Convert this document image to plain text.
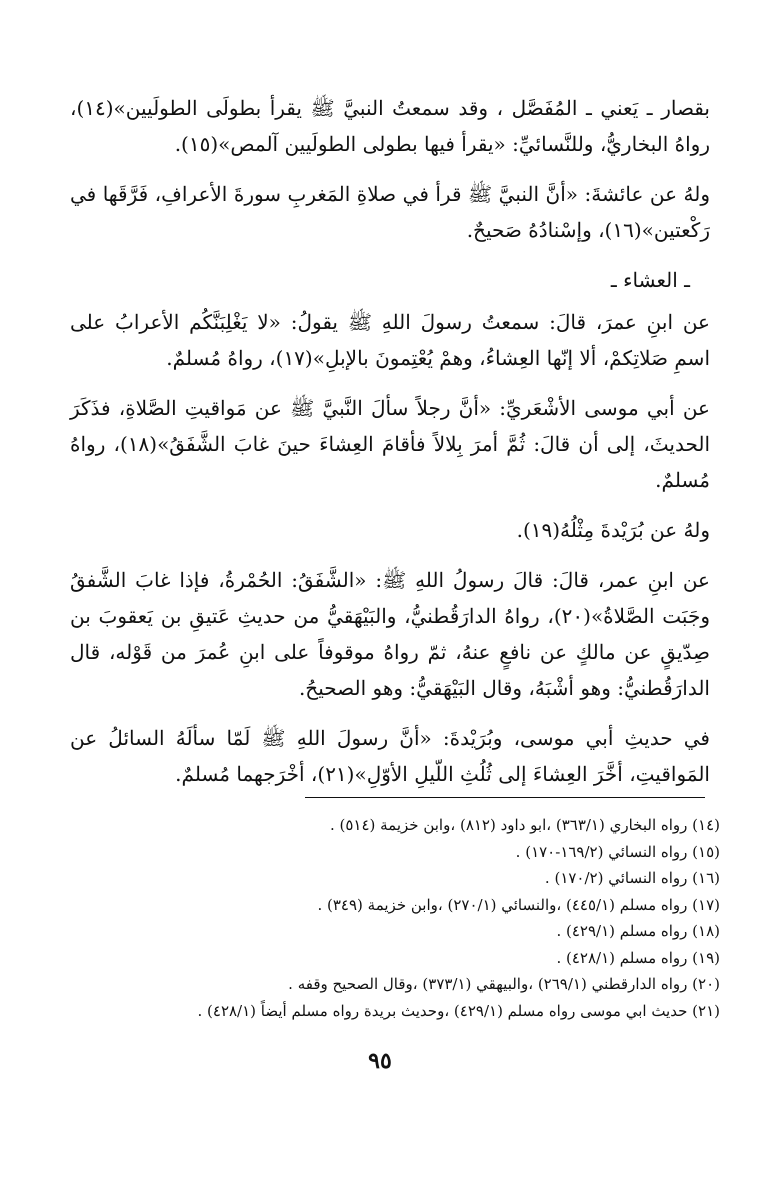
بقصار ـ يَعني ـ المُفَصَّل ، وقد سمعتُ النبيَّ ﷺ يقرأ بطولَى الطولَيين»(١٤)، رواهُ البخاريُّ، وللنَّسائيِّ: «يقرأ فيها بطولى الطولَيين آلمص»(١٥).

ولهُ عن عائشةَ: «أنَّ النبيَّ ﷺ قرأ في صلاةِ المَغربِ سورةَ الأعرافِ، فَرَّقَها في رَكْعتين»(١٦)، وإسْنادُهُ صَحيحٌ.

ـ العشاء ـ

عن ابنِ عمرَ، قالَ: سمعتُ رسولَ اللهِ ﷺ يقولُ: «لا يَغْلِبَنَّكُم الأعرابُ على اسمِ صَلاتِكمْ، ألا إنّها العِشاءُ، وهمْ يُعْتِمونَ بالإبلِ»(١٧)، رواهُ مُسلمٌ.

عن أبي موسى الأشْعَريِّ: «أنَّ رجلاً سألَ النَّبيَّ ﷺ عن مَواقيتِ الصَّلاةِ، فذَكَرَ الحديثَ، إلى أن قالَ: ثُمَّ أمرَ بِلالاً فأقامَ العِشاءَ حينَ غابَ الشَّفَقُ»(١٨)، رواهُ مُسلمٌ.

ولهُ عن بُرَيْدةَ مِثْلُهُ(١٩).

عن ابنِ عمر، قالَ: قالَ رسولُ اللهِ ﷺ: «الشَّفَقُ: الحُمْرةُ، فإذا غابَ الشَّفقُ وجَبَت الصَّلاةُ»(٢٠)، رواهُ الدارَقُطنيُّ، والبَيْهَقيُّ من حديثِ عَتيقِ بن يَعقوبَ بن صِدّيقٍ عن مالكٍ عن نافعٍ عنهُ، ثمّ رواهُ موقوفاً على ابنِ عُمرَ من قَوْله، قال الدارَقُطنيُّ: وهو أشْبَهُ، وقال البَيْهَقيُّ: وهو الصحيحُ.

في حديثِ أبي موسى، وبُرَيْدةَ: «أنَّ رسولَ اللهِ ﷺ لَمّا سألَهُ السائلُ عن المَواقيتِ، أخَّرَ العِشاءَ إلى ثُلُثِ اللّيلِ الأوّلِ»(٢١)، أخْرَجهما مُسلمٌ.

(١٤) رواه البخاري (٣٦٣/١) ،ابو داود (٨١٢) ،وابن خزيمة (٥١٤) .
(١٥) رواه النسائي (١٦٩/٢-١٧٠) .
(١٦) رواه النسائي (١٧٠/٢) .
(١٧) رواه مسلم (٤٤٥/١) ،والنسائي (٢٧٠/١) ،وابن خزيمة (٣٤٩) .
(١٨) رواه مسلم (٤٢٩/١) .
(١٩) رواه مسلم (٤٢٨/١) .
(٢٠) رواه الدارقطني (٢٦٩/١) ،والبيهقي (٣٧٣/١) ،وقال الصحيح وقفه .
(٢١) حديث ابي موسى رواه مسلم (٤٢٩/١) ،وحديث بريدة رواه مسلم أيضاً (٤٢٨/١) .
٩٥
